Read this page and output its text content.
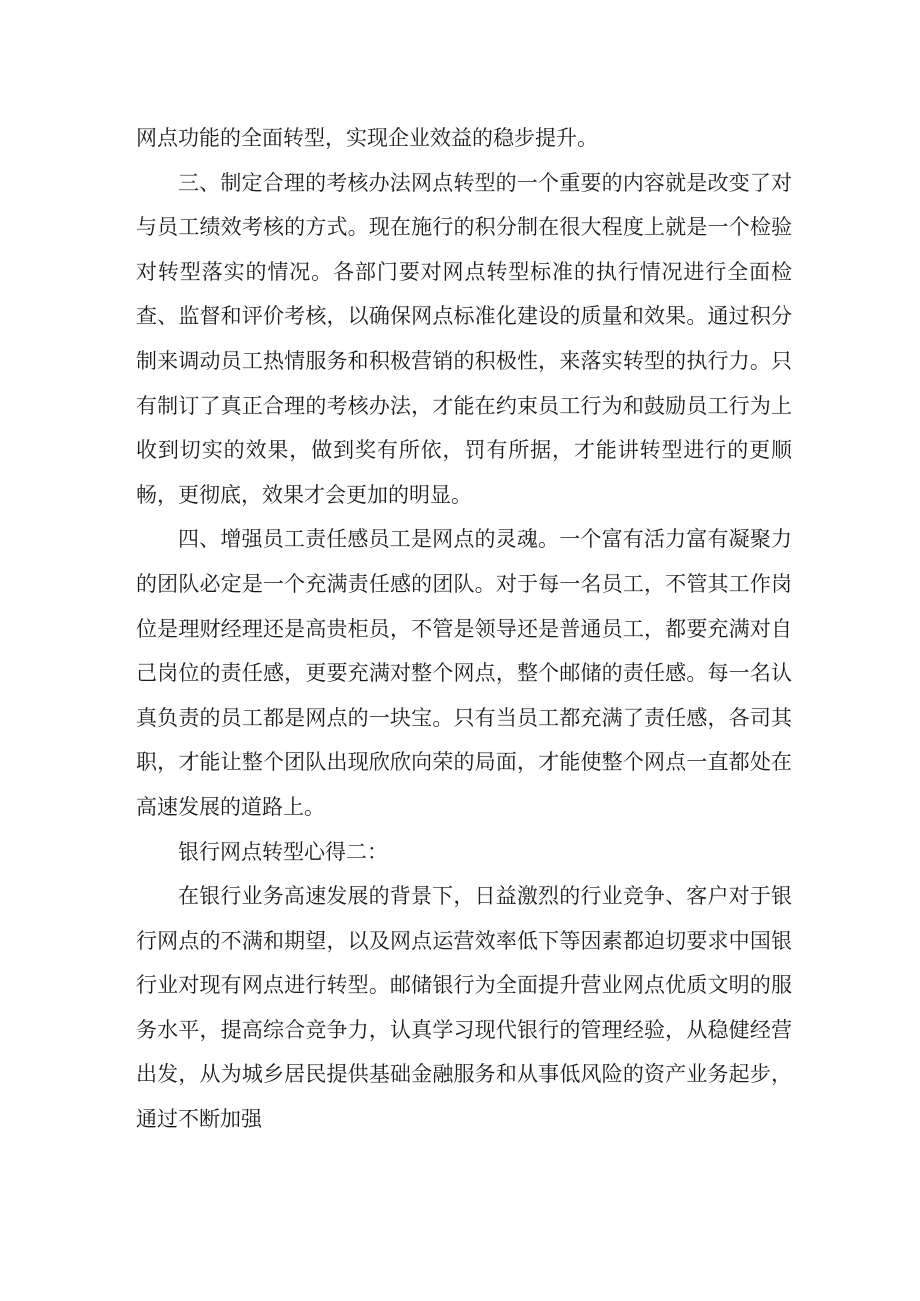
网点功能的全面转型，实现企业效益的稳步提升。

三、制定合理的考核办法网点转型的一个重要的内容就是改变了对与员工绩效考核的方式。现在施行的积分制在很大程度上就是一个检验对转型落实的情况。各部门要对网点转型标准的执行情况进行全面检查、监督和评价考核，以确保网点标准化建设的质量和效果。通过积分制来调动员工热情服务和积极营销的积极性，来落实转型的执行力。只有制订了真正合理的考核办法，才能在约束员工行为和鼓励员工行为上收到切实的效果，做到奖有所依，罚有所据，才能讲转型进行的更顺畅，更彻底，效果才会更加的明显。

四、增强员工责任感员工是网点的灵魂。一个富有活力富有凝聚力的团队必定是一个充满责任感的团队。对于每一名员工，不管其工作岗位是理财经理还是高贵柜员，不管是领导还是普通员工，都要充满对自己岗位的责任感，更要充满对整个网点，整个邮储的责任感。每一名认真负责的员工都是网点的一块宝。只有当员工都充满了责任感，各司其职，才能让整个团队出现欣欣向荣的局面，才能使整个网点一直都处在高速发展的道路上。

银行网点转型心得二：

在银行业务高速发展的背景下，日益激烈的行业竞争、客户对于银行网点的不满和期望，以及网点运营效率低下等因素都迫切要求中国银行业对现有网点进行转型。邮储银行为全面提升营业网点优质文明的服务水平，提高综合竞争力，认真学习现代银行的管理经验，从稳健经营出发，从为城乡居民提供基础金融服务和从事低风险的资产业务起步，通过不断加强
